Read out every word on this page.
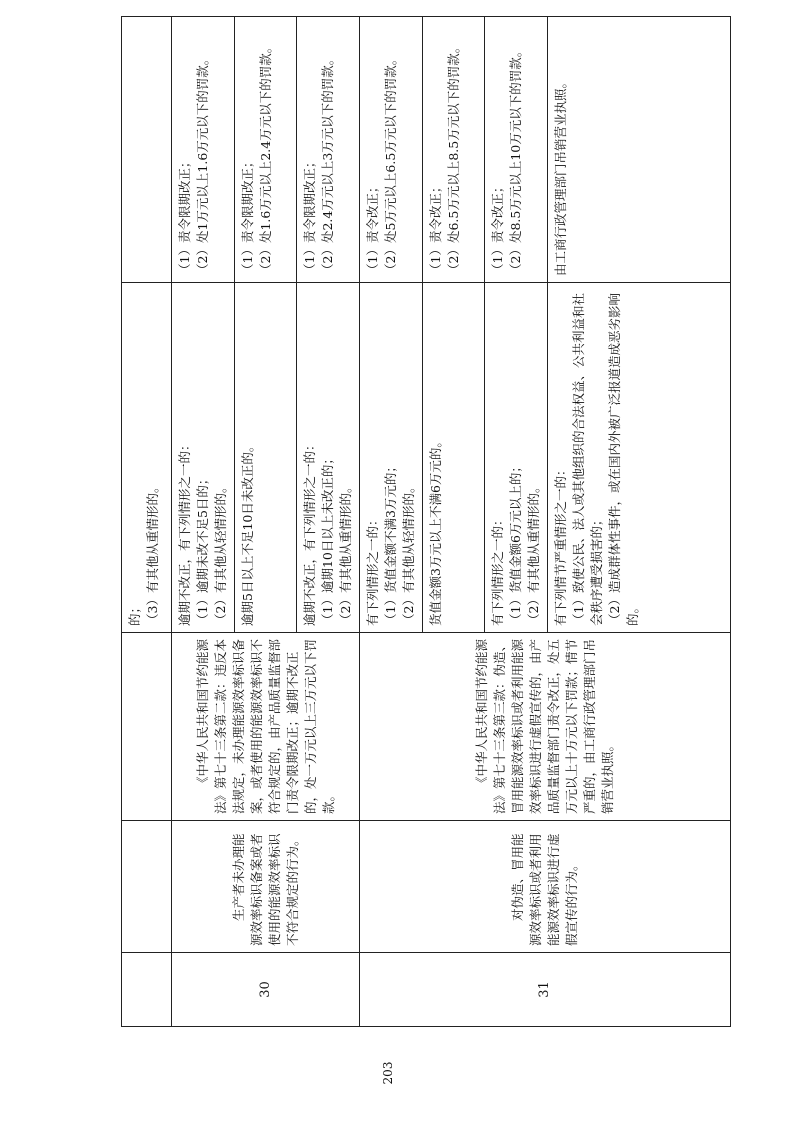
			的； （3）有其他从重情形的。	

30	生产者未办理能源效率标识备案或者使用的能源效率标识不符合规定的行为。	《中华人民共和国节约能源法》第七十三条第二款：违反本法规定，未办理能源效率标识备案，或者使用的能源效率标识不符合规定的，由产品质量监督部门责令限期改正；逾期不改正的，处一万元以上三万元以下罚款。	逾期不改正，有下列情形之一的： （1）逾期未改不足5日的； （2）有其他从轻情形的。	（1）责令限期改正； （2）处1万元以上1.6万元以下的罚款。

			逾期5日以上不足10日未改正的。	（1）责令限期改正； （2）处1.6万元以上2.4万元以下的罚款。

			逾期不改正，有下列情形之一的： （1）逾期10日以上未改正的； （2）有其他从重情形的。	（1）责令限期改正； （2）处2.4万元以上3万元以下的罚款。

31	对伪造、冒用能源效率标识或者利用能源效率标识进行虚假宣传的行为。	《中华人民共和国节约能源法》第七十三条第三款：伪造、冒用能源效率标识或者利用能源效率标识进行虚假宣传的，由产品质量监督部门责令改正，处五万元以上十万元以下罚款；情节严重的，由工商行政管理部门吊销营业执照。	有下列情形之一的： （1）货值金额不满3万元的； （2）有其他从轻情形的。	（1）责令改正； （2）处5万元以上6.5万元以下的罚款。

			货值金额3万元以上不满6万元的。	（1）责令改正； （2）处6.5万元以上8.5万元以下的罚款。

			有下列情形之一的： （1）货值金额6万元以上的； （2）有其他从重情形的。	（1）责令改正； （2）处8.5万元以上10万元以下的罚款。

			有下列情节严重情形之一的： （1）致使公民、法人或其他组织的合法权益、公共利益和社会秩序遭受损害的； （2）造成群体性事件，或在国内外被广泛报道造成恶劣影响的。	由工商行政管理部门吊销营业执照。
203
